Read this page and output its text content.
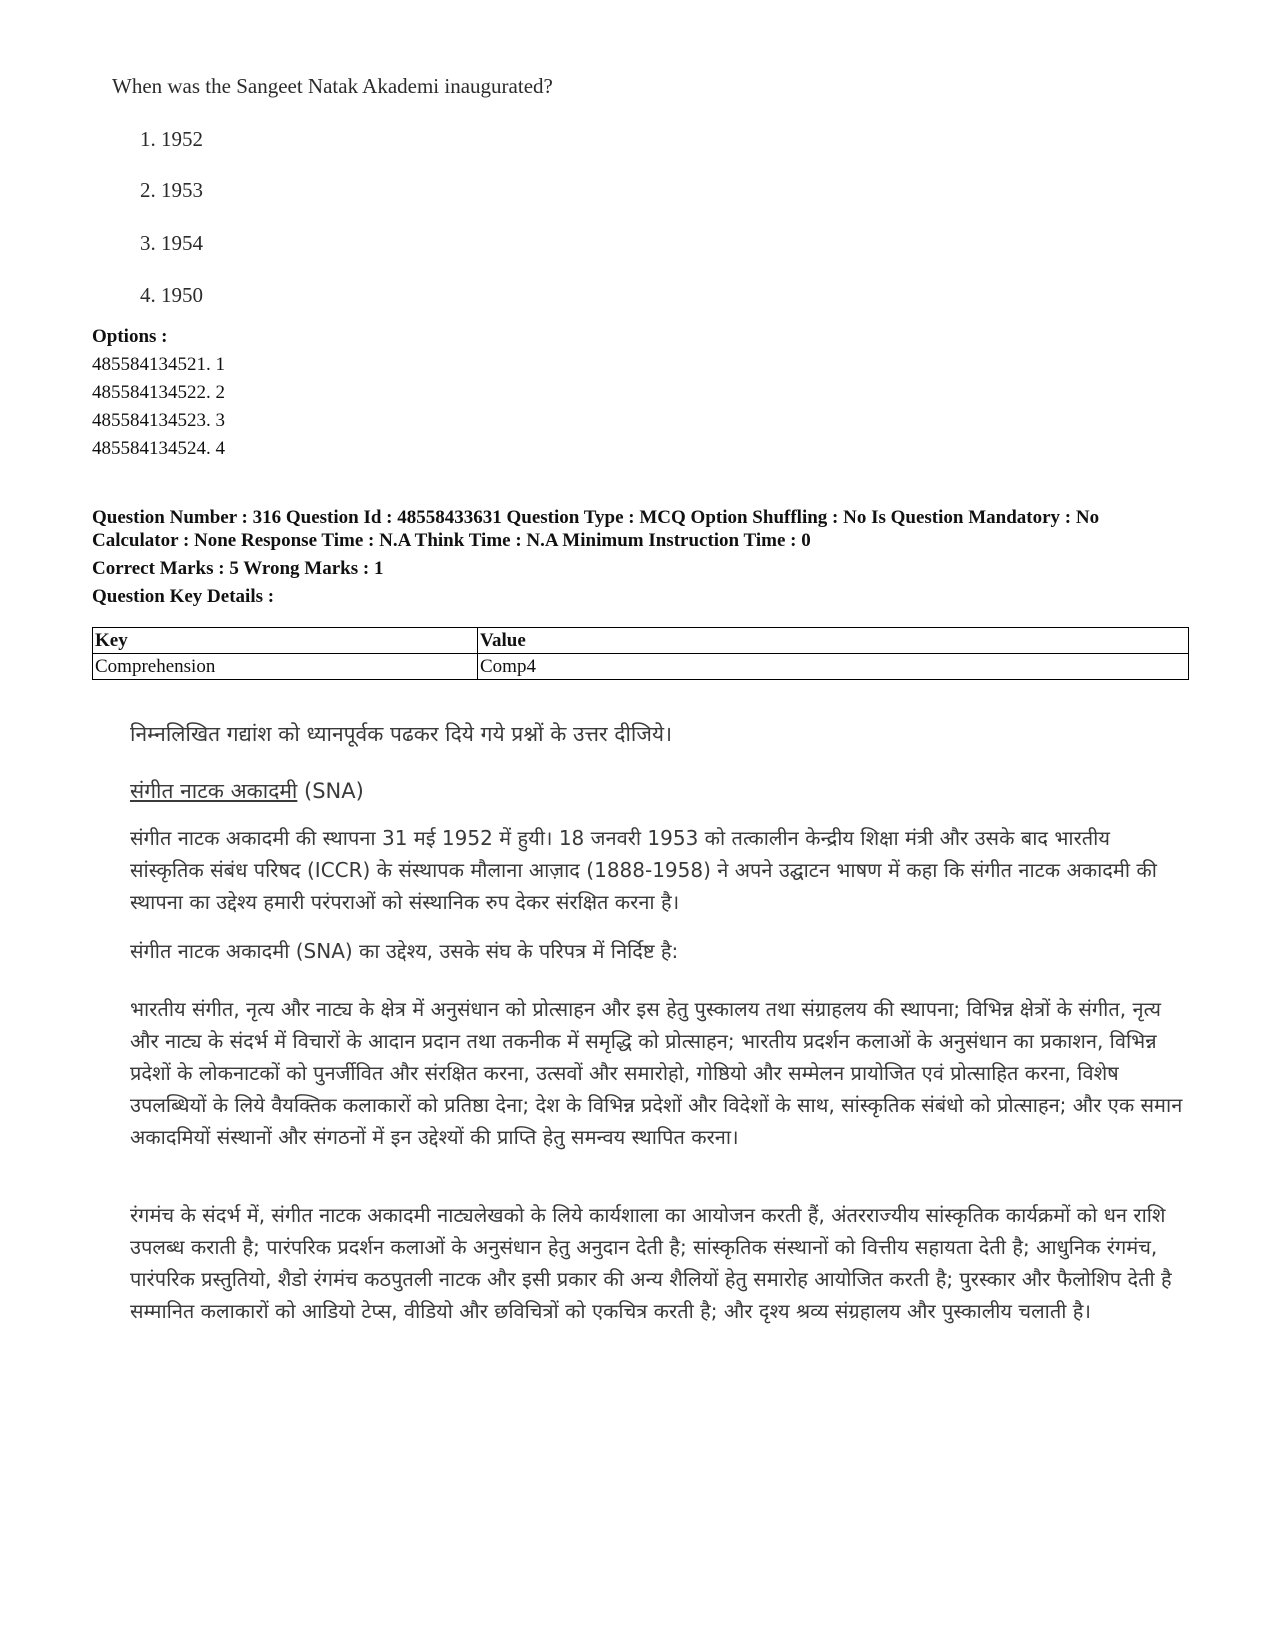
When was the Sangeet Natak Akademi inaugurated?
1. 1952
2. 1953
3. 1954
4. 1950
Options :
485584134521. 1
485584134522. 2
485584134523. 3
485584134524. 4
Question Number : 316 Question Id : 48558433631 Question Type : MCQ Option Shuffling : No Is Question Mandatory : No Calculator : None Response Time : N.A Think Time : N.A Minimum Instruction Time : 0
Correct Marks : 5 Wrong Marks : 1
Question Key Details :
Key	Value
Comprehension	Comp4
निम्नलिखित गद्यांश को ध्यानपूर्वक पढकर दिये गये प्रश्नों के उत्तर दीजिये।
संगीत नाटक अकादमी (SNA)
संगीत नाटक अकादमी की स्थापना 31 मई 1952 में हुयी। 18 जनवरी 1953 को तत्कालीन केन्द्रीय शिक्षा मंत्री और उसके बाद भारतीय सांस्कृतिक संबंध परिषद (ICCR) के संस्थापक मौलाना आज़ाद (1888-1958) ने अपने उद्घाटन भाषण में कहा कि संगीत नाटक अकादमी की स्थापना का उद्देश्य हमारी परंपराओं को संस्थानिक रुप देकर संरक्षित करना है।
संगीत नाटक अकादमी (SNA) का उद्देश्य, उसके संघ के परिपत्र में निर्दिष्ट है:
भारतीय संगीत, नृत्य और नाट्य के क्षेत्र में अनुसंधान को प्रोत्साहन और इस हेतु पुस्कालय तथा संग्राहलय की स्थापना; विभिन्न क्षेत्रों के संगीत, नृत्य और नाट्य के संदर्भ में विचारों के आदान प्रदान तथा तकनीक में समृद्धि को प्रोत्साहन; भारतीय प्रदर्शन कलाओं के अनुसंधान का प्रकाशन, विभिन्न प्रदेशों के लोकनाटकों को पुनर्जीवित और संरक्षित करना, उत्सवों और समारोहो, गोष्ठियो और सम्मेलन प्रायोजित एवं प्रोत्साहित करना, विशेष उपलब्धियों के लिये वैयक्तिक कलाकारों को प्रतिष्ठा देना; देश के विभिन्न प्रदेशों और विदेशों के साथ, सांस्कृतिक संबंधो को प्रोत्साहन; और एक समान अकादमियों संस्थानों और संगठनों में इन उद्देश्यों की प्राप्ति हेतु समन्वय स्थापित करना।
रंगमंच के संदर्भ में, संगीत नाटक अकादमी नाट्यलेखको के लिये कार्यशाला का आयोजन करती हैं, अंतरराज्यीय सांस्कृतिक कार्यक्रमों को धन राशि उपलब्ध कराती है; पारंपरिक प्रदर्शन कलाओं के अनुसंधान हेतु अनुदान देती है; सांस्कृतिक संस्थानों को वित्तीय सहायता देती है; आधुनिक रंगमंच, पारंपरिक प्रस्तुतियो, शैडो रंगमंच कठपुतली नाटक और इसी प्रकार की अन्य शैलियों हेतु समारोह आयोजित करती है; पुरस्कार और फैलोशिप देती है सम्मानित कलाकारों को आडियो टेप्स, वीडियो और छविचित्रों को एकचित्र करती है; और दृश्य श्रव्य संग्रहालय और पुस्कालीय चलाती है।
